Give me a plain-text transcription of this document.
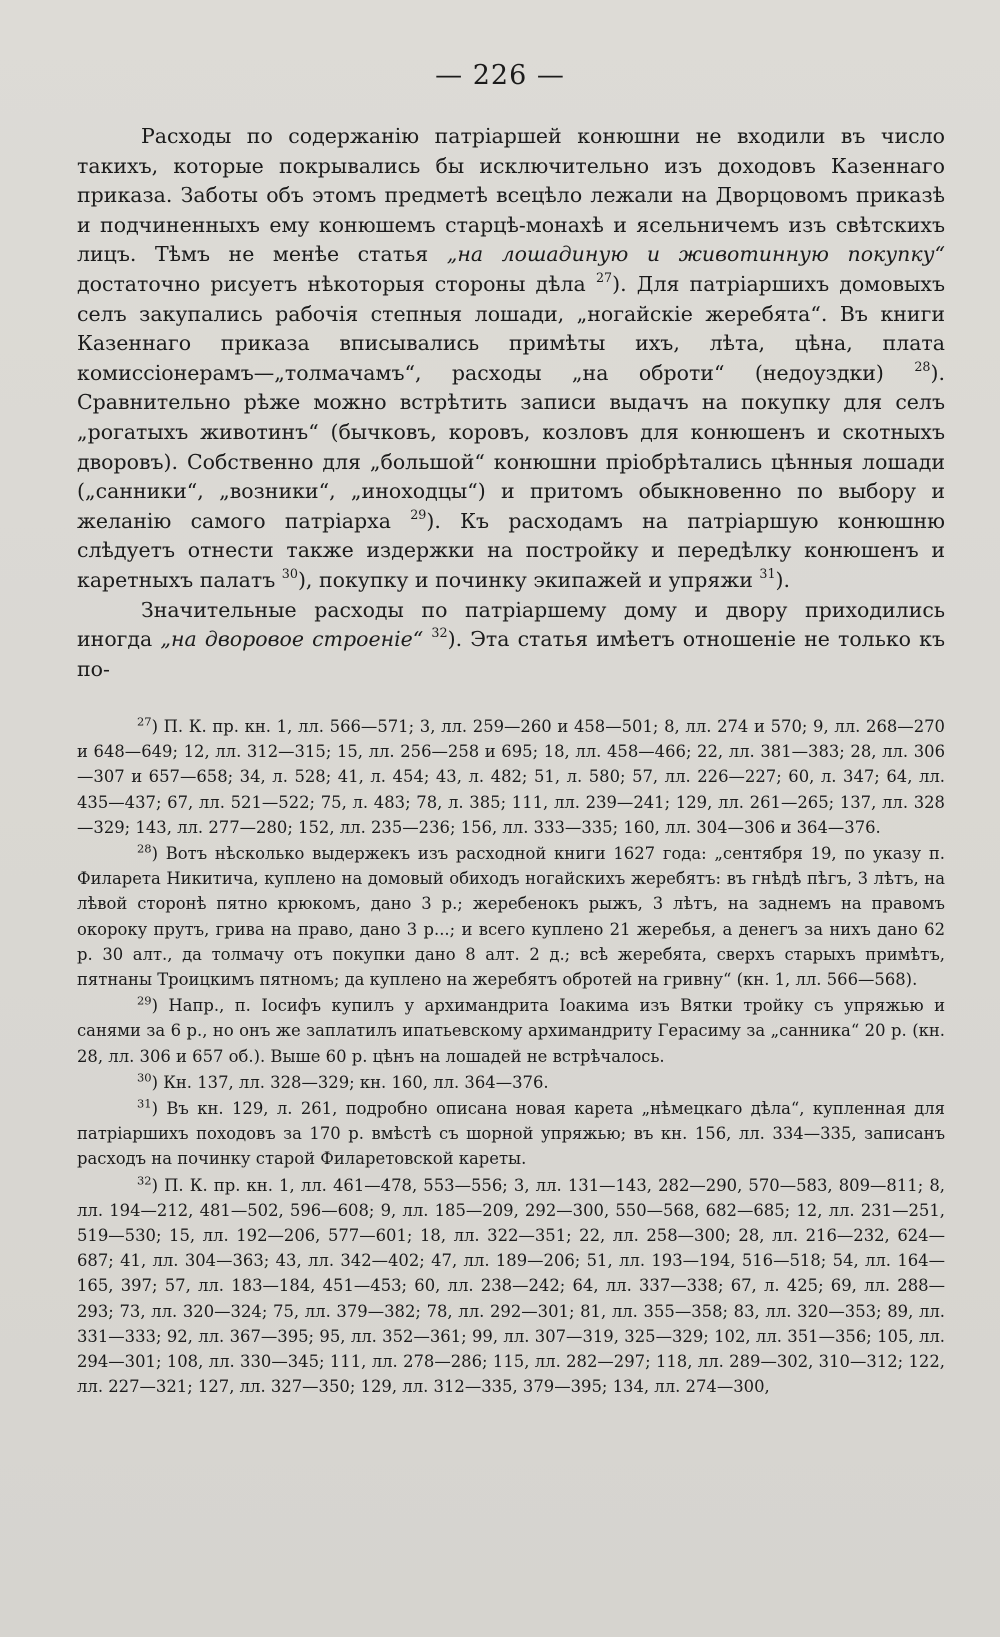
— 226 —

Расходы по содержанію патріаршей конюшни не входили въ число такихъ, которые покрывались бы исключительно изъ доходовъ Казеннаго приказа. Заботы объ этомъ предметѣ всецѣло лежали на Дворцовомъ приказѣ и подчиненныхъ ему конюшемъ старцѣ-монахѣ и ясельничемъ изъ свѣтскихъ лицъ. Тѣмъ не менѣе статья „на лошадиную и животинную покупку“ достаточно рисуетъ нѣкоторыя стороны дѣла $^{27}$). Для патріаршихъ домовыхъ селъ закупались рабочія степныя лошади, „ногайскіе жеребята“. Въ книги Казеннаго приказа вписывались примѣты ихъ, лѣта, цѣна, плата комиссіонерамъ—„толмачамъ“, расходы „на оброти“ (недоуздки) $^{28}$). Сравнительно рѣже можно встрѣтить записи выдачъ на покупку для селъ „рогатыхъ животинъ“ (бычковъ, коровъ, козловъ для конюшенъ и скотныхъ дворовъ). Собственно для „большой“ конюшни пріобрѣтались цѣнныя лошади („санники“, „возники“, „иноходцы“) и притомъ обыкновенно по выбору и желанію самого патріарха $^{29}$). Къ расходамъ на патріаршую конюшню слѣдуетъ отнести также издержки на постройку и передѣлку конюшенъ и каретныхъ палатъ $^{30}$), покупку и починку экипажей и упряжи $^{31}$).

Значительные расходы по патріаршему дому и двору приходились иногда „на дворовое строеніе“ $^{32}$). Эта статья имѣетъ отношеніе не только къ по-

$^{27}$) П. К. пр. кн. 1, лл. 566—571; 3, лл. 259—260 и 458—501; 8, лл. 274 и 570; 9, лл. 268—270 и 648—649; 12, лл. 312—315; 15, лл. 256—258 и 695; 18, лл. 458—466; 22, лл. 381—383; 28, лл. 306—307 и 657—658; 34, л. 528; 41, л. 454; 43, л. 482; 51, л. 580; 57, лл. 226—227; 60, л. 347; 64, лл. 435—437; 67, лл. 521—522; 75, л. 483; 78, л. 385; 111, лл. 239—241; 129, лл. 261—265; 137, лл. 328—329; 143, лл. 277—280; 152, лл. 235—236; 156, лл. 333—335; 160, лл. 304—306 и 364—376.

$^{28}$) Вотъ нѣсколько выдержекъ изъ расходной книги 1627 года: „сентября 19, по указу п. Филарета Никитича, куплено на домовый обиходъ ногайскихъ жеребятъ: въ гнѣдѣ пѣгъ, 3 лѣтъ, на лѣвой сторонѣ пятно крюкомъ, дано 3 р.; жеребенокъ рыжъ, 3 лѣтъ, на заднемъ на правомъ окороку прутъ, грива на право, дано 3 р...; и всего куплено 21 жеребья, а денегъ за нихъ дано 62 р. 30 алт., да толмачу отъ покупки дано 8 алт. 2 д.; всѣ жеребята, сверхъ старыхъ примѣтъ, пятнаны Троицкимъ пятномъ; да куплено на жеребятъ обротей на гривну“ (кн. 1, лл. 566—568).

$^{29}$) Напр., п. Іосифъ купилъ у архимандрита Іоакима изъ Вятки тройку съ упряжью и санями за 6 р., но онъ же заплатилъ ипатьевскому архимандриту Герасиму за „санника“ 20 р. (кн. 28, лл. 306 и 657 об.). Выше 60 р. цѣнъ на лошадей не встрѣчалось.

$^{30}$) Кн. 137, лл. 328—329; кн. 160, лл. 364—376.

$^{31}$) Въ кн. 129, л. 261, подробно описана новая карета „нѣмецкаго дѣла“, купленная для патріаршихъ походовъ за 170 р. вмѣстѣ съ шорной упряжью; въ кн. 156, лл. 334—335, записанъ расходъ на починку старой Филаретовской кареты.

$^{32}$) П. К. пр. кн. 1, лл. 461—478, 553—556; 3, лл. 131—143, 282—290, 570—583, 809—811; 8, лл. 194—212, 481—502, 596—608; 9, лл. 185—209, 292—300, 550—568, 682—685; 12, лл. 231—251, 519—530; 15, лл. 192—206, 577—601; 18, лл. 322—351; 22, лл. 258—300; 28, лл. 216—232, 624—687; 41, лл. 304—363; 43, лл. 342—402; 47, лл. 189—206; 51, лл. 193—194, 516—518; 54, лл. 164—165, 397; 57, лл. 183—184, 451—453; 60, лл. 238—242; 64, лл. 337—338; 67, л. 425; 69, лл. 288—293; 73, лл. 320—324; 75, лл. 379—382; 78, лл. 292—301; 81, лл. 355—358; 83, лл. 320—353; 89, лл. 331—333; 92, лл. 367—395; 95, лл. 352—361; 99, лл. 307—319, 325—329; 102, лл. 351—356; 105, лл. 294—301; 108, лл. 330—345; 111, лл. 278—286; 115, лл. 282—297; 118, лл. 289—302, 310—312; 122, лл. 227—321; 127, лл. 327—350; 129, лл. 312—335, 379—395; 134, лл. 274—300,
